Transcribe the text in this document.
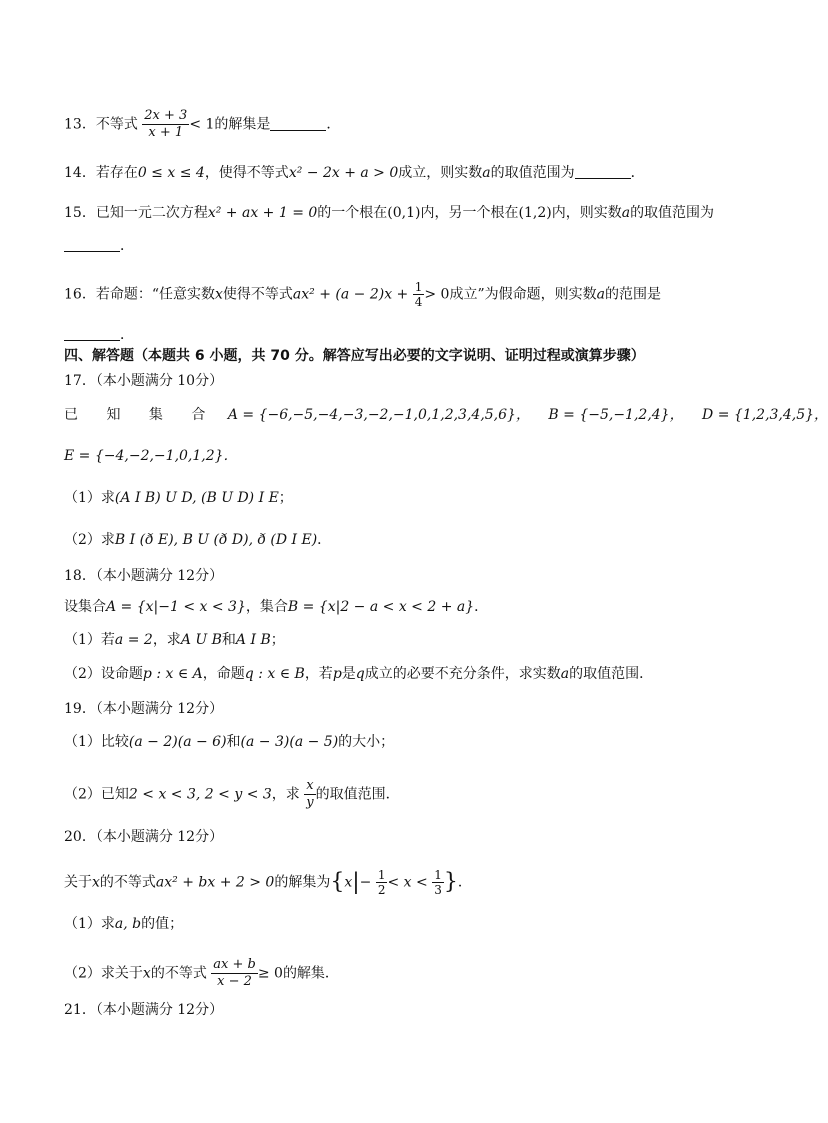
13．不等式 $\frac{2x + 3}{x + 1} < 1$的解集是	．
14．若存在0 ≤ x ≤ 4，使得不等式x² − 2x + a > 0成立，则实数a的取值范围为	．
15．已知一元二次方程x² + ax + 1 = 0的一个根在(0,1)内，另一个根在(1,2)内，则实数a的取值范围为
．
16．若命题：“任意实数x使得不等式$ax^2 + (a - 2)x + \frac{1}{4} > 0$成立”为假命题，则实数a的范围是
．
四、解答题（本题共 6 小题，共 70 分。解答应写出必要的文字说明、证明过程或演算步骤）
17．（本小题满分 10分）
已 知 集 合 A = {−6,−5,−4,−3,−2,−1,0,1,2,3,4,5,6}， B = {−5,−1,2,4}， D = {1,2,3,4,5}，
E = {−4,−2,−1,0,1,2}．
（1）求(A I B) U D, (B U D) I E；
（2）求B I (ð E), B U (ð D), ð (D I E)．
18．（本小题满分 12分）
设集合A = {x|−1 < x < 3}，集合B = {x|2 − a < x < 2 + a}．
（1）若a = 2，求A U B和A I B；
（2）设命题p : x ∈ A，命题q : x ∈ B，若p是q成立的必要不充分条件，求实数a的取值范围．
19．（本小题满分 12分）
（1）比较(a − 2)(a − 6)和(a − 3)(a − 5)的大小；
（2）已知2 < x < 3, 2 < y < 3，求 $\frac{x}{y}$ 的取值范围．
20．（本小题满分 12分）
关于x的不等式ax² + bx + 2 > 0的解集为{$x|- \frac{1}{2} < x < \frac{1}{3}$ }．
（1）求a, b的值；
（2）求关于x的不等式 $\frac{ax + b}{x - 2} \ge 0$的解集．
21．（本小题满分 12分）
